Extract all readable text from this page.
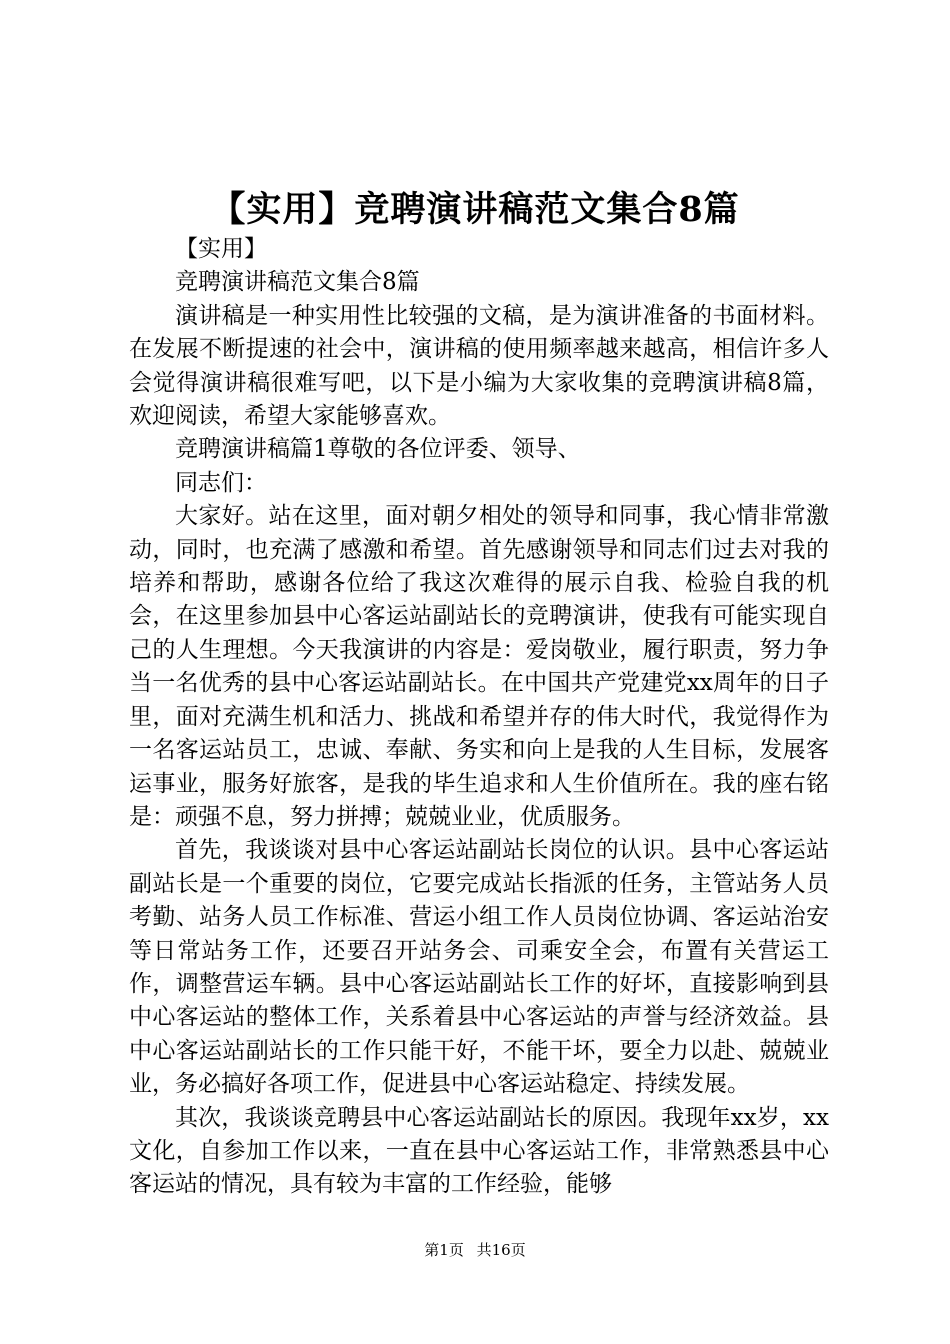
【实用】竞聘演讲稿范文集合8篇

【实用】

竞聘演讲稿范文集合8篇

演讲稿是一种实用性比较强的文稿，是为演讲准备的书面材料。在发展不断提速的社会中，演讲稿的使用频率越来越高，相信许多人会觉得演讲稿很难写吧，以下是小编为大家收集的竞聘演讲稿8篇，欢迎阅读，希望大家能够喜欢。

竞聘演讲稿篇1尊敬的各位评委、领导、

同志们：

大家好。站在这里，面对朝夕相处的领导和同事，我心情非常激动，同时，也充满了感激和希望。首先感谢领导和同志们过去对我的培养和帮助，感谢各位给了我这次难得的展示自我、检验自我的机会，在这里参加县中心客运站副站长的竞聘演讲，使我有可能实现自己的人生理想。今天我演讲的内容是：爱岗敬业，履行职责，努力争当一名优秀的县中心客运站副站长。在中国共产党建党xx周年的日子里，面对充满生机和活力、挑战和希望并存的伟大时代，我觉得作为一名客运站员工，忠诚、奉献、务实和向上是我的人生目标，发展客运事业，服务好旅客，是我的毕生追求和人生价值所在。我的座右铭是：顽强不息，努力拼搏；兢兢业业，优质服务。

首先，我谈谈对县中心客运站副站长岗位的认识。县中心客运站副站长是一个重要的岗位，它要完成站长指派的任务，主管站务人员考勤、站务人员工作标准、营运小组工作人员岗位协调、客运站治安等日常站务工作，还要召开站务会、司乘安全会，布置有关营运工作，调整营运车辆。县中心客运站副站长工作的好坏，直接影响到县中心客运站的整体工作，关系着县中心客运站的声誉与经济效益。县中心客运站副站长的工作只能干好，不能干坏，要全力以赴、兢兢业业，务必搞好各项工作，促进县中心客运站稳定、持续发展。

其次，我谈谈竞聘县中心客运站副站长的原因。我现年xx岁，xx文化，自参加工作以来，一直在县中心客运站工作，非常熟悉县中心客运站的情况，具有较为丰富的工作经验，能够

第1页 共16页
